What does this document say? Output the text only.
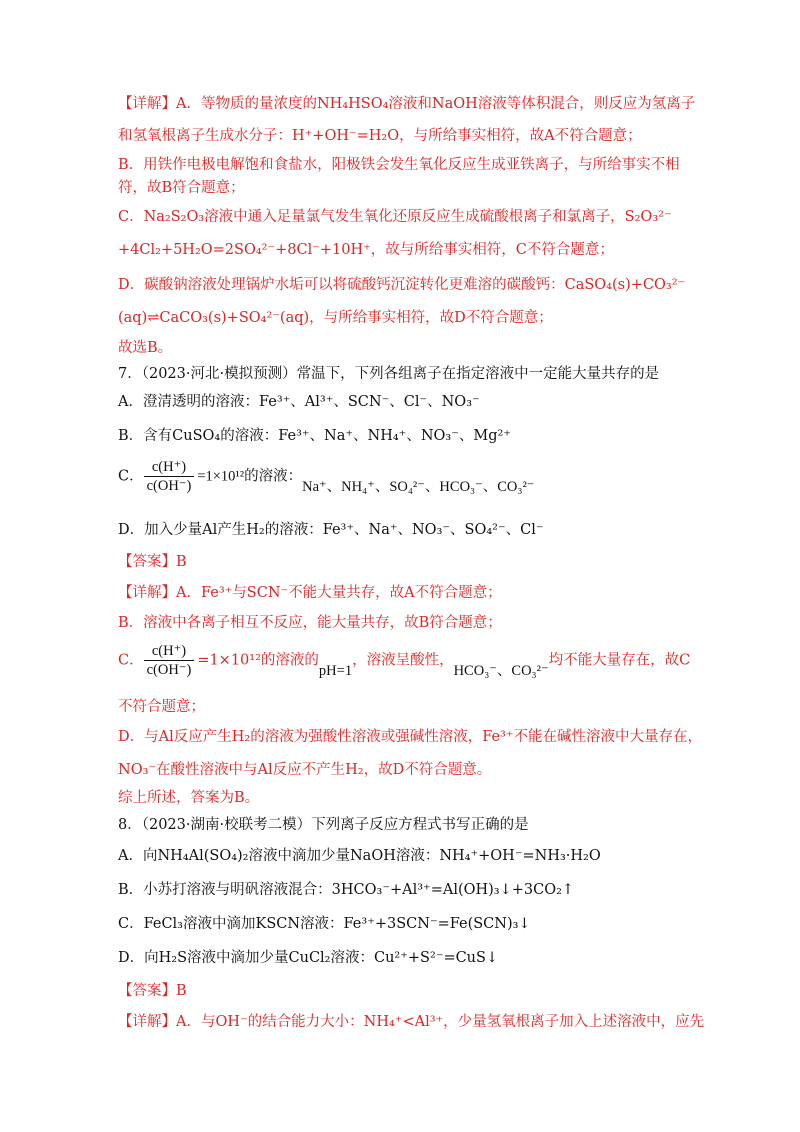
【详解】A．等物质的量浓度的NH₄HSO₄溶液和NaOH溶液等体积混合，则反应为氢离子
和氢氧根离子生成水分子：H⁺+OH⁻=H₂O，与所给事实相符，故A不符合题意；
B．用铁作电极电解饱和食盐水，阳极铁会发生氧化反应生成亚铁离子，与所给事实不相
符，故B符合题意；
C．Na₂S₂O₃溶液中通入足量氯气发生氧化还原反应生成硫酸根离子和氯离子，S₂O₃²⁻
+4Cl₂+5H₂O=2SO₄²⁻+8Cl⁻+10H⁺，故与所给事实相符，C不符合题意；
D．碳酸钠溶液处理锅炉水垢可以将硫酸钙沉淀转化更难溶的碳酸钙：CaSO₄(s)+CO₃²⁻
(aq)⇌CaCO₃(s)+SO₄²⁻(aq)，与所给事实相符，故D不符合题意；
故选B。
7．（2023·河北·模拟预测）常温下，下列各组离子在指定溶液中一定能大量共存的是
A．澄清透明的溶液：Fe³⁺、Al³⁺、SCN⁻、Cl⁻、NO₃⁻
B．含有CuSO₄的溶液：Fe³⁺、Na⁺、NH₄⁺、NO₃⁻、Mg²⁺
C． $\frac{c(H^+)}{c(OH^-)} =1\times 10^{12}$的溶液：Na⁺、NH₄⁺、SO₄²⁻、HCO₃⁻、CO₃²⁻
D．加入少量Al产生H₂的溶液：Fe³⁺、Na⁺、NO₃⁻、SO₄²⁻、Cl⁻
【答案】B
【详解】A．Fe³⁺与SCN⁻不能大量共存，故A不符合题意；
B．溶液中各离子相互不反应，能大量共存，故B符合题意；
C． $\frac{c(H^+)}{c(OH^-)} =1\times 10^{12}$的溶液的pH=1，溶液呈酸性，HCO₃⁻、CO₃²⁻均不能大量存在，故C
不符合题意；
D．与Al反应产生H₂的溶液为强酸性溶液或强碱性溶液，Fe³⁺不能在碱性溶液中大量存在，
NO₃⁻在酸性溶液中与Al反应不产生H₂，故D不符合题意。
综上所述，答案为B。
8．（2023·湖南·校联考二模）下列离子反应方程式书写正确的是
A．向NH₄Al(SO₄)₂溶液中滴加少量NaOH溶液：NH₄⁺+OH⁻=NH₃·H₂O
B．小苏打溶液与明矾溶液混合：3HCO₃⁻+Al³⁺=Al(OH)₃↓+3CO₂↑
C．FeCl₃溶液中滴加KSCN溶液：Fe³⁺+3SCN⁻=Fe(SCN)₃↓
D．向H₂S溶液中滴加少量CuCl₂溶液：Cu²⁺+S²⁻=CuS↓
【答案】B
【详解】A．与OH⁻的结合能力大小：NH₄⁺<Al³⁺，少量氢氧根离子加入上述溶液中，应先
